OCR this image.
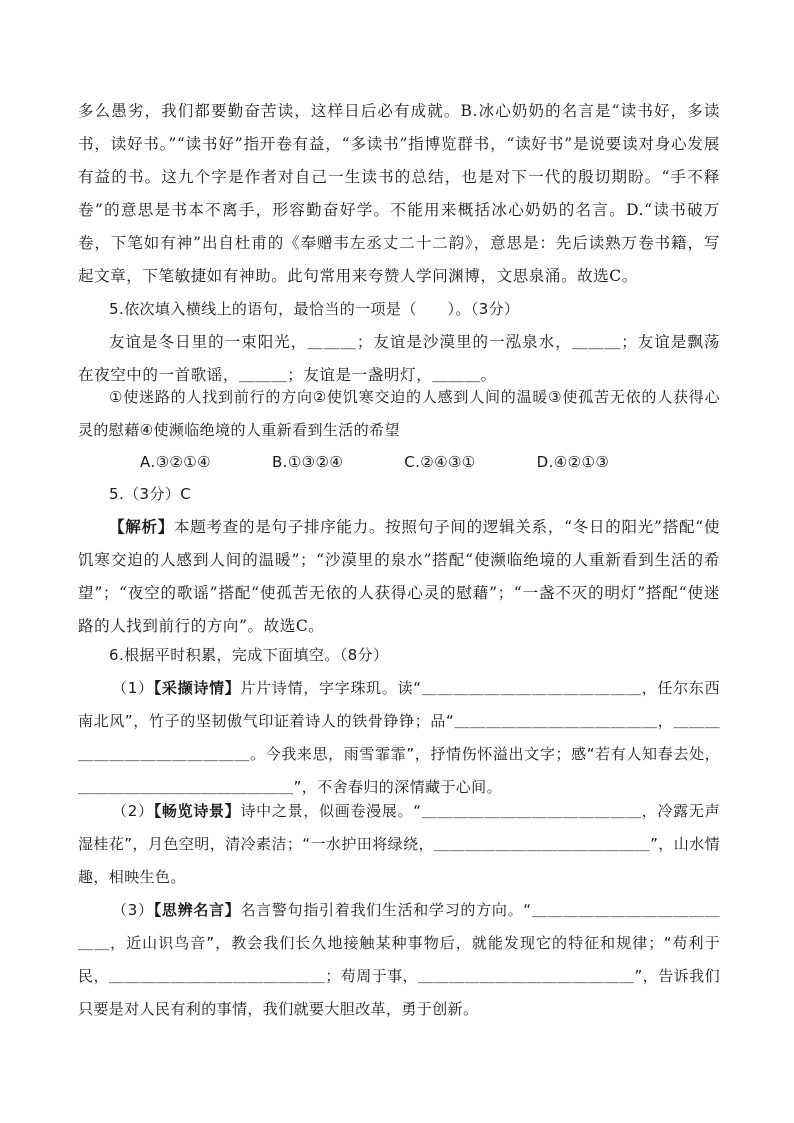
多么愚劣，我们都要勤奋苦读，这样日后必有成就。B.冰心奶奶的名言是“读书好，多读书，读好书。”“读书好”指开卷有益，“多读书”指博览群书，“读好书”是说要读对身心发展有益的书。这九个字是作者对自己一生读书的总结，也是对下一代的殷切期盼。“手不释卷”的意思是书本不离手，形容勤奋好学。不能用来概括冰心奶奶的名言。D.“读书破万卷，下笔如有神”出自杜甫的《奉赠韦左丞丈二十二韵》，意思是：先后读熟万卷书籍，写起文章，下笔敏捷如有神助。此句常用来夸赞人学问渊博，文思泉涌。故选C。

5.依次填入横线上的语句，最恰当的一项是（　　）。（3分）

友谊是冬日里的一束阳光，＿＿＿；友谊是沙漠里的一泓泉水，＿＿＿；友谊是飘荡在夜空中的一首歌谣，＿＿＿；友谊是一盏明灯，＿＿＿。

①使迷路的人找到前行的方向②使饥寒交迫的人感到人间的温暖③使孤苦无依的人获得心灵的慰藉④使濒临绝境的人重新看到生活的希望

A.③②①④	B.①③②④	C.②④③①	D.④②①③

5.（3分）C

【解析】本题考查的是句子排序能力。按照句子间的逻辑关系，“冬日的阳光”搭配“使饥寒交迫的人感到人间的温暖”；“沙漠里的泉水”搭配“使濒临绝境的人重新看到生活的希望”；“夜空的歌谣”搭配“使孤苦无依的人获得心灵的慰藉”；“一盏不灭的明灯”搭配“使迷路的人找到前行的方向”。故选C。

6.根据平时积累，完成下面填空。（8分）

（1）【采撷诗情】片片诗情，字字珠玑。读“＿＿＿＿＿＿＿＿＿＿＿＿＿＿，任尔东西南北风”，竹子的坚韧傲气印证着诗人的铁骨铮铮；品“＿＿＿＿＿＿＿＿＿＿＿＿＿，＿＿＿＿＿＿＿＿＿＿＿＿＿＿。今我来思，雨雪霏霏”，抒情伤怀溢出文字；感“若有人知春去处，＿＿＿＿＿＿＿＿＿＿＿＿＿＿”，不舍春归的深情藏于心间。

（2）【畅览诗景】诗中之景，似画卷漫展。“＿＿＿＿＿＿＿＿＿＿＿＿＿＿，冷露无声湿桂花”，月色空明，清冷素洁；“一水护田将绿绕，＿＿＿＿＿＿＿＿＿＿＿＿＿＿”，山水情趣，相映生色。

（3）【思辨名言】名言警句指引着我们生活和学习的方向。“＿＿＿＿＿＿＿＿＿＿＿＿＿＿，近山识鸟音”，教会我们长久地接触某种事物后，就能发现它的特征和规律；“苟利于民，＿＿＿＿＿＿＿＿＿＿＿＿＿＿；苟周于事，＿＿＿＿＿＿＿＿＿＿＿＿＿＿”，告诉我们只要是对人民有利的事情，我们就要大胆改革，勇于创新。
